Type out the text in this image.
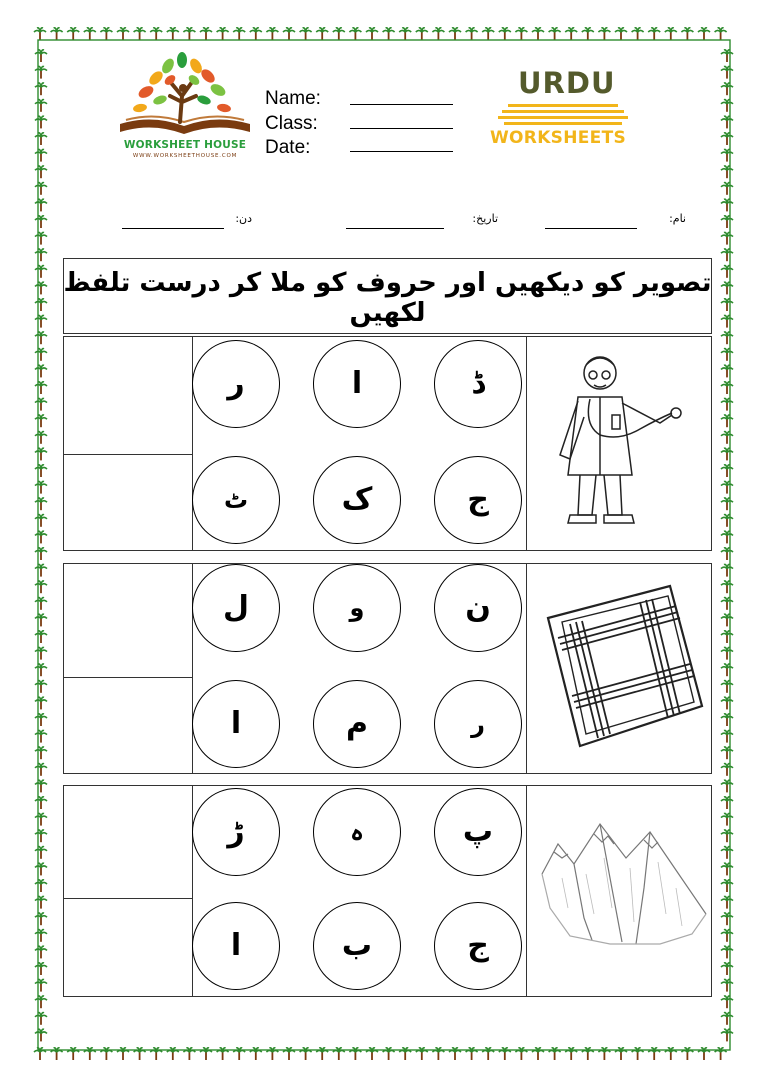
WORKSHEET HOUSE
WWW.WORKSHEETHOUSE.COM
Name:
Class:
Date:
URDU
WORKSHEETS
نام:
تاریخ:
دن:
تصویر کو دیکھیں اور حروف کو ملا کر درست تلفظ لکھیں
ڈ
ا
ر
ج
ک
ٹ
ن
و
ل
ر
م
ا
پ
ہ
ڑ
ج
ب
ا
